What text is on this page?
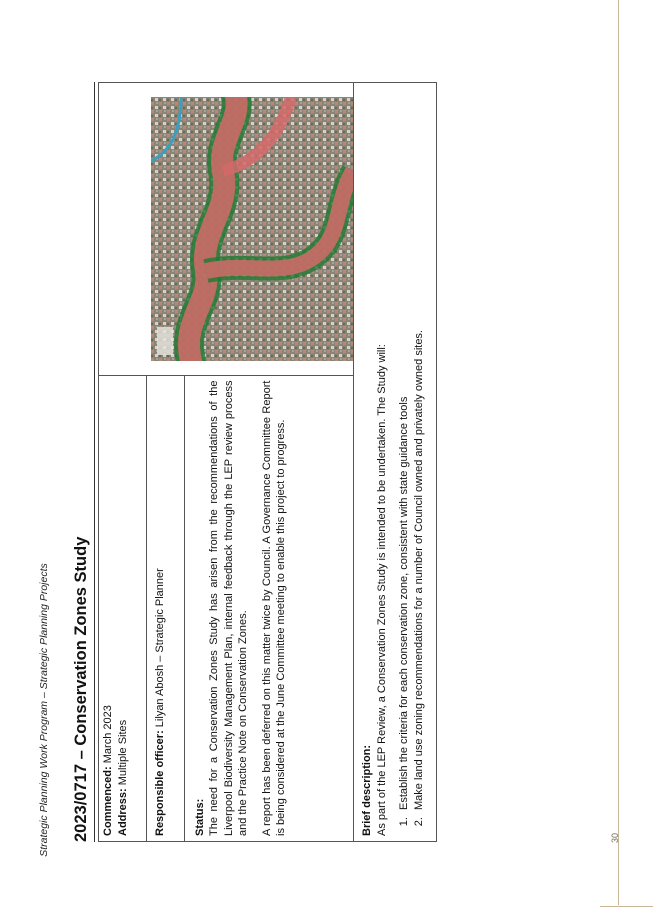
30
Strategic Planning Work Program – Strategic Planning Projects 2023/0717 – Conservation Zones Study	Commenced: March 2023
Address: Multiple Sites

Responsible officer: Lilyan Abosh – Strategic Planner

Status: The need for a Conservation Zones Study has arisen from the recommendations of the Liverpool Biodiversity Management Plan, internal feedback through the LEP review process and the Practice Note on Conservation Zones. A report has been deferred on this matter twice by Council. A Governance Committee Report is being considered at the June Committee meeting to enable this project to progress.

Brief description: As part of the LEP Review, a Conservation Zones Study is intended to be undertaken. The Study will: 1. Establish the criteria for each conservation zone, consistent with state guidance tools 2. Make land use zoning recommendations for a number of Council owned and privately owned sites.
